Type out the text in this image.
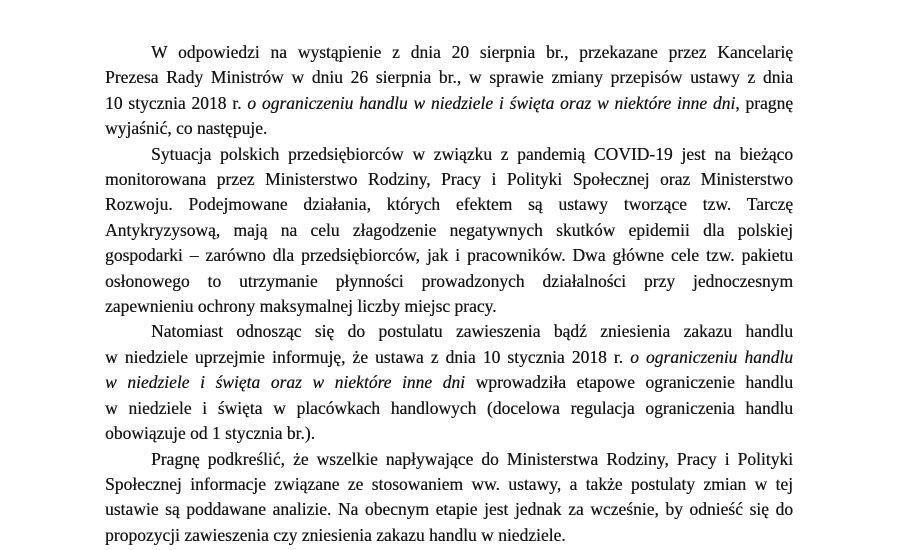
W odpowiedzi na wystąpienie z dnia 20 sierpnia br., przekazane przez Kancelarię
Prezesa Rady Ministrów w dniu 26 sierpnia br., w sprawie zmiany przepisów ustawy z dnia
10 stycznia 2018 r. o ograniczeniu handlu w niedziele i święta oraz w niektóre inne dni, pragnę
wyjaśnić, co następuje.
Sytuacja polskich przedsiębiorców w związku z pandemią COVID-19 jest na bieżąco
monitorowana przez Ministerstwo Rodziny, Pracy i Polityki Społecznej oraz Ministerstwo
Rozwoju. Podejmowane działania, których efektem są ustawy tworzące tzw. Tarczę
Antykryzysową, mają na celu złagodzenie negatywnych skutków epidemii dla polskiej
gospodarki – zarówno dla przedsiębiorców, jak i pracowników. Dwa główne cele tzw. pakietu
osłonowego to utrzymanie płynności prowadzonych działalności przy jednoczesnym
zapewnieniu ochrony maksymalnej liczby miejsc pracy.
Natomiast odnosząc się do postulatu zawieszenia bądź zniesienia zakazu handlu
w niedziele uprzejmie informuję, że ustawa z dnia 10 stycznia 2018 r. o ograniczeniu handlu
w niedziele i święta oraz w niektóre inne dni wprowadziła etapowe ograniczenie handlu
w niedziele i święta w placówkach handlowych (docelowa regulacja ograniczenia handlu
obowiązuje od 1 stycznia br.).
Pragnę podkreślić, że wszelkie napływające do Ministerstwa Rodziny, Pracy i Polityki
Społecznej informacje związane ze stosowaniem ww. ustawy, a także postulaty zmian w tej
ustawie są poddawane analizie. Na obecnym etapie jest jednak za wcześnie, by odnieść się do
propozycji zawieszenia czy zniesienia zakazu handlu w niedziele.
